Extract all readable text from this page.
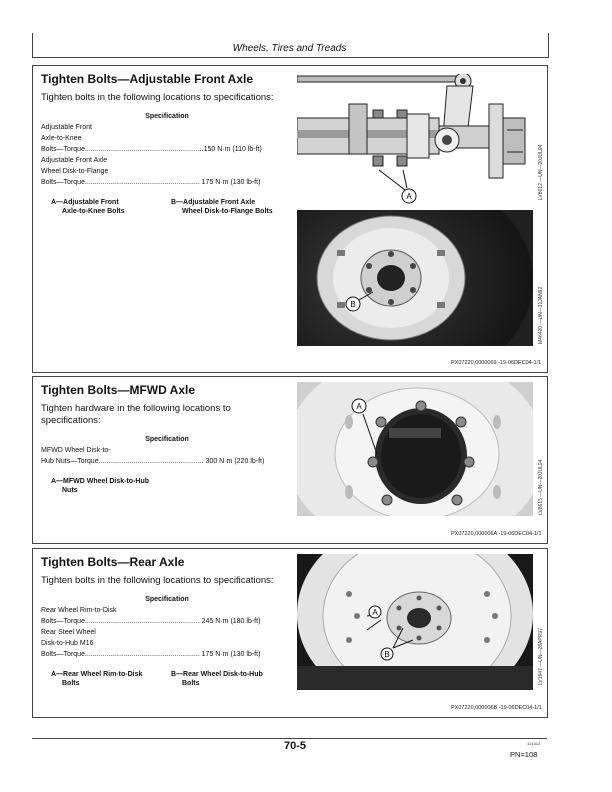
Wheels, Tires and Treads
Tighten Bolts—Adjustable Front Axle

Tighten bolts in the following locations to specifications:

Specification

Adjustable Front

Axle-to-Knee

Bolts—Torque.............................................................150 N·m (110 lb-ft)

Adjustable Front Axle

Wheel Disk-to-Flange

Bolts—Torque........................................................... 175 N·m (130 lb-ft)

A—Adjustable Front
Axle-to-Knee Bolts
B—Adjustable Front Axle
Wheel Disk-to-Flange Bolts
A	LV8612 —UN—20JUL94
B	M46420 —UN—31JAN92
PX07220,0000069 -19-06DEC04-1/1
Tighten Bolts—MFWD Axle

Tighten hardware in the following locations to specifications:

Specification

MFWD Wheel Disk-to-

Hub Nuts—Torque...................................................... 300 N·m (220 lb-ft)

A—MFWD Wheel Disk-to-Hub
Nuts
A
LV8615 —UN—20JUL94
PX07220,000006A -19-06DEC04-1/1
Tighten Bolts—Rear Axle

Tighten bolts in the following locations to specifications:

Specification

Rear Wheel Rim-to-Disk

Bolts—Torque........................................................... 245 N·m (180 lb-ft)

Rear Steel Wheel

Disk-to-Hub M16

Bolts—Torque........................................................... 175 N·m (130 lb-ft)

A—Rear Wheel Rim-to-Disk
Bolts
B—Rear Wheel Disk-to-Hub
Bolts
A
B	LV1947 —UN—28APR97
PX07220,000006B -19-06DEC04-1/1
70-5	121412
PN=108
